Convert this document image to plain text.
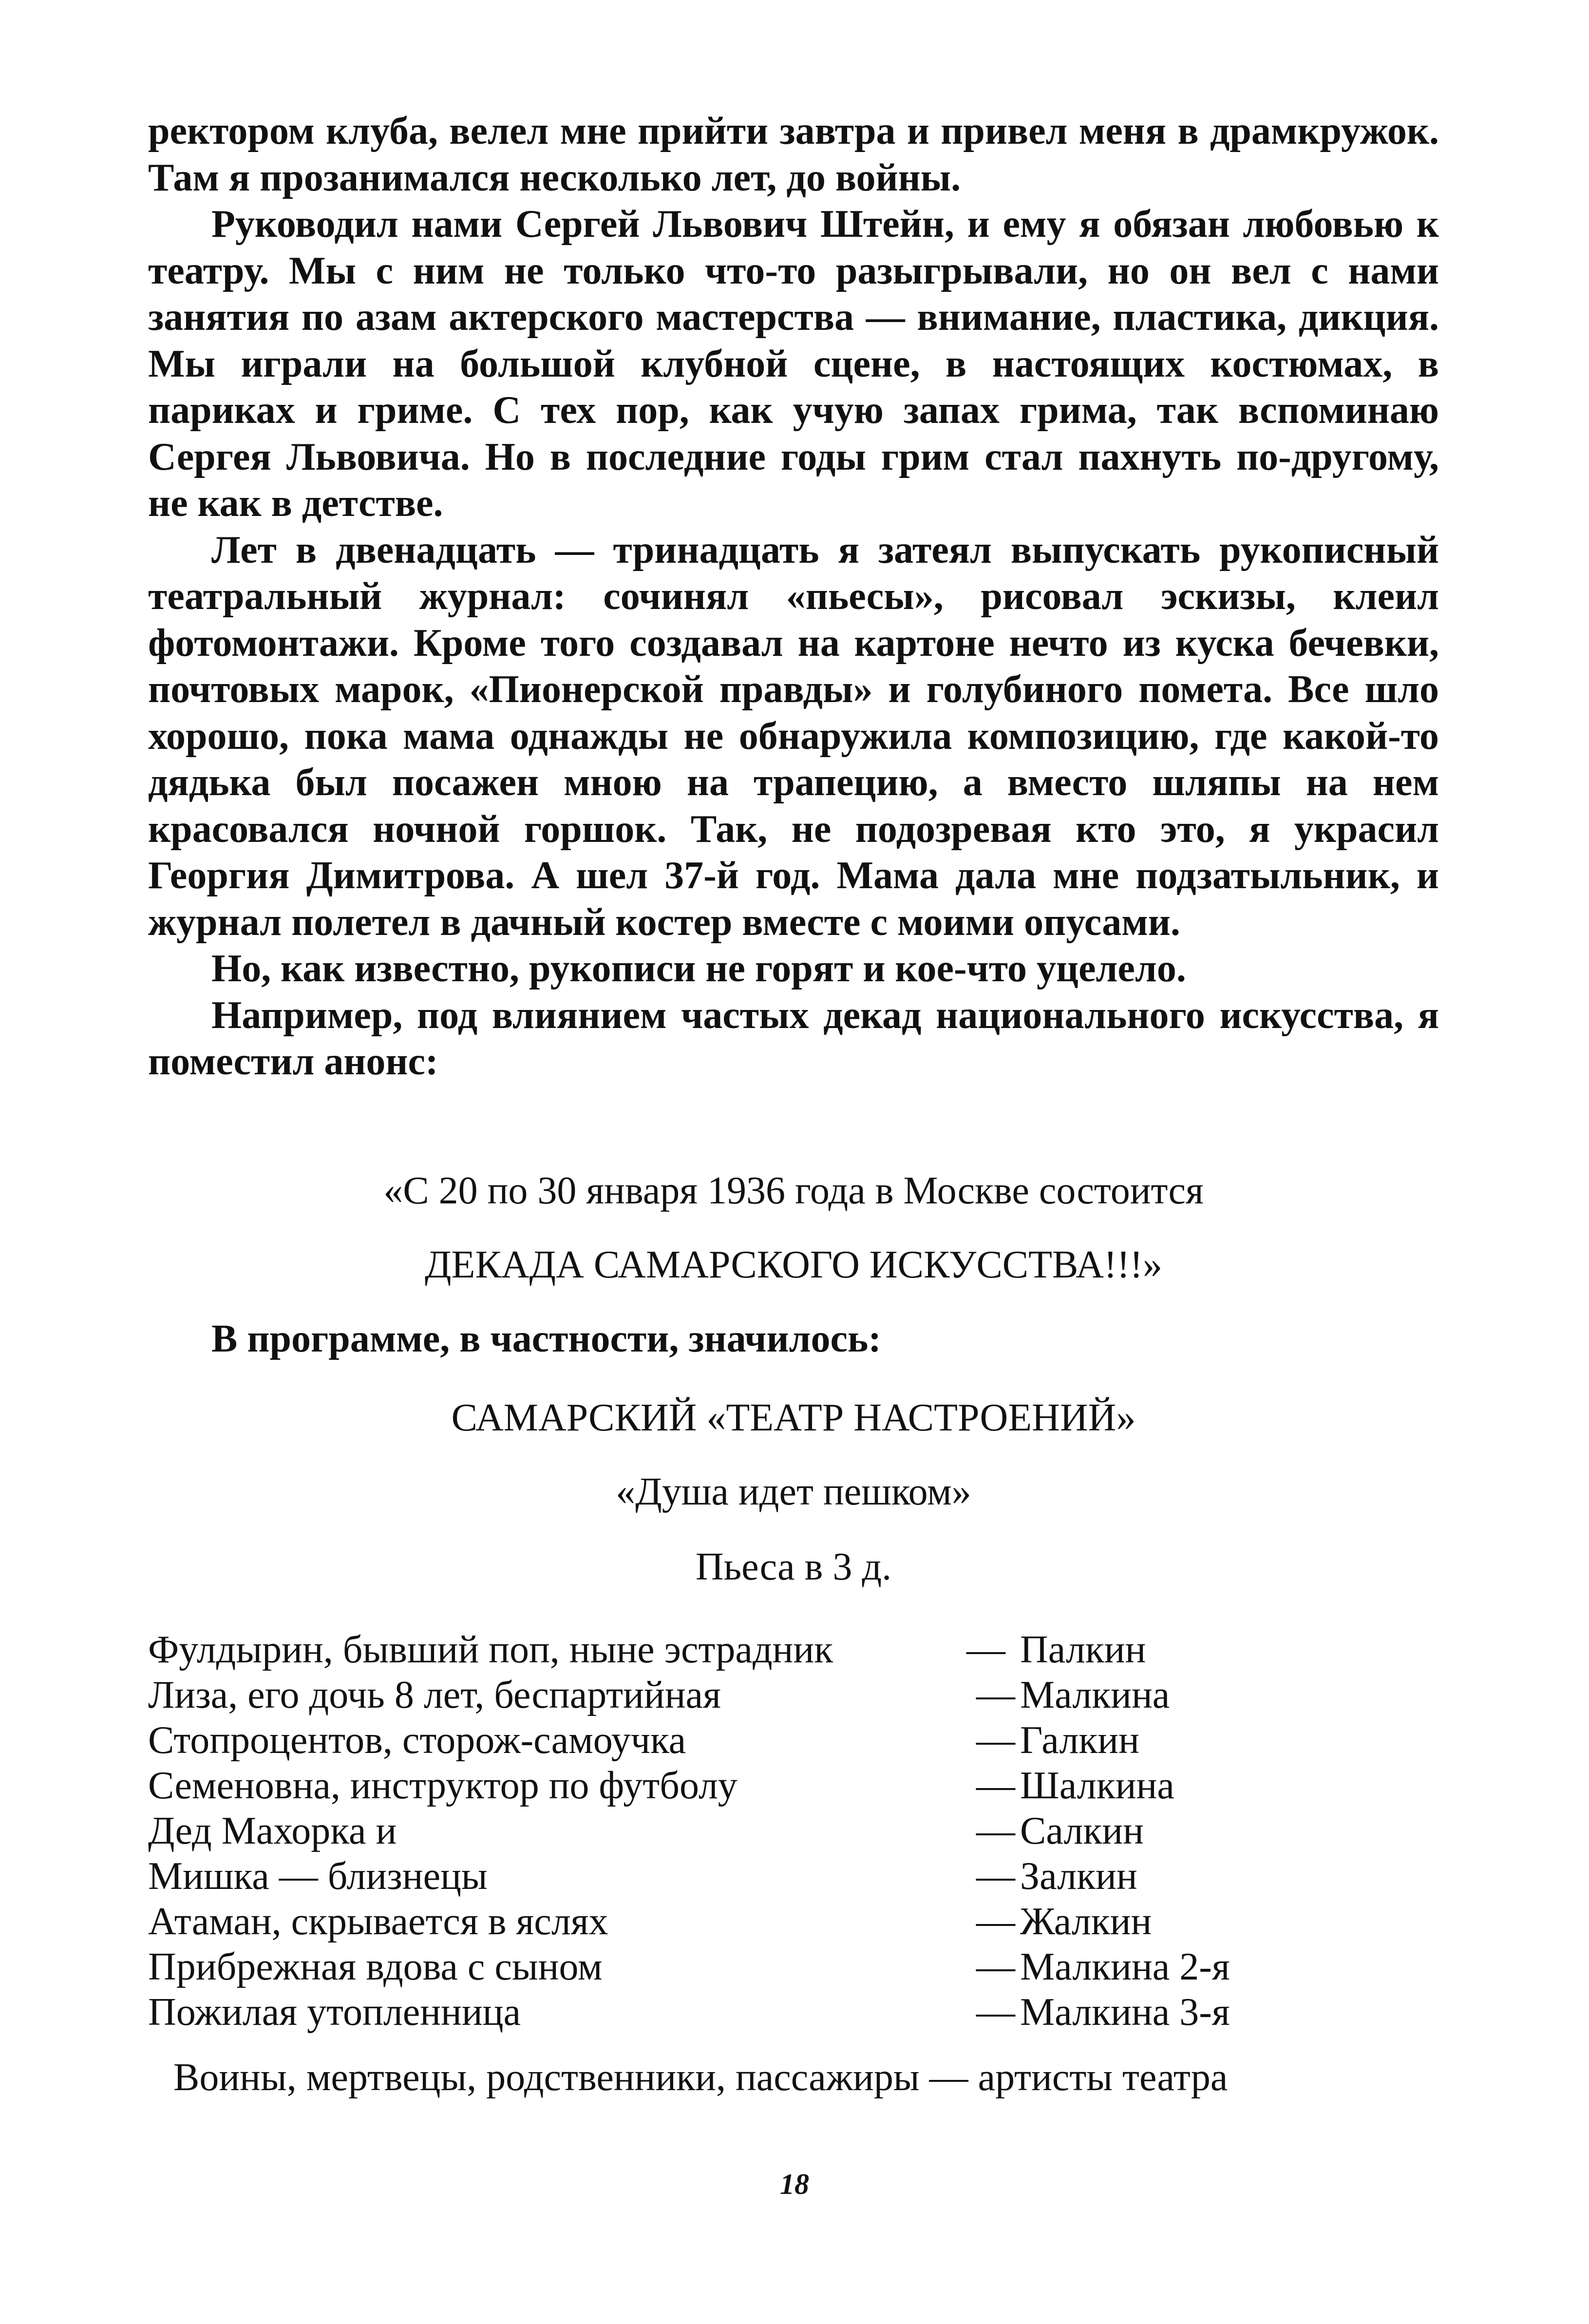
ректором клуба, велел мне прийти завтра и привел меня в драмкружок. Там я прозанимался несколько лет, до войны.

Руководил нами Сергей Львович Штейн, и ему я обязан любовью к театру. Мы с ним не только что-то разыгрывали, но он вел с нами занятия по азам актерского мастерства — внимание, пластика, дикция. Мы играли на большой клубной сцене, в настоящих костюмах, в париках и гриме. С тех пор, как учую запах грима, так вспоминаю Сергея Львовича. Но в последние годы грим стал пахнуть по-другому, не как в детстве.

Лет в двенадцать — тринадцать я затеял выпускать рукописный театральный журнал: сочинял «пьесы», рисовал эскизы, клеил фотомонтажи. Кроме того создавал на картоне нечто из куска бечевки, почтовых марок, «Пионерской правды» и голубиного помета. Все шло хорошо, пока мама однажды не обнаружила композицию, где какой-то дядька был посажен мною на трапецию, а вместо шляпы на нем красовался ночной горшок. Так, не подозревая кто это, я украсил Георгия Димитрова. А шел 37-й год. Мама дала мне подзатыльник, и журнал полетел в дачный костер вместе с моими опусами.

Но, как известно, рукописи не горят и кое-что уцелело.

Например, под влиянием частых декад национального искусства, я поместил анонс:

«С 20 по 30 января 1936 года в Москве состоится
ДЕКАДА САМАРСКОГО ИСКУССТВА!!!»
В программе, в частности, значилось:
САМАРСКИЙ «ТЕАТР НАСТРОЕНИЙ»
«Душа идет пешком»
Пьеса в 3 д.
Фулдырин, бывший поп, ныне эстрадник	— Палкин
Лиза, его дочь 8 лет, беспартийная	— Малкина
Стопроцентов, сторож-самоучка	— Галкин
Семеновна, инструктор по футболу	— Шалкина
Дед Махорка и	— Салкин
Мишка — близнецы	— Залкин
Атаман, скрывается в яслях	— Жалкин
Прибрежная вдова с сыном	— Малкина 2-я
Пожилая утопленница	— Малкина 3-я
Воины, мертвецы, родственники, пассажиры — артисты театра
18
